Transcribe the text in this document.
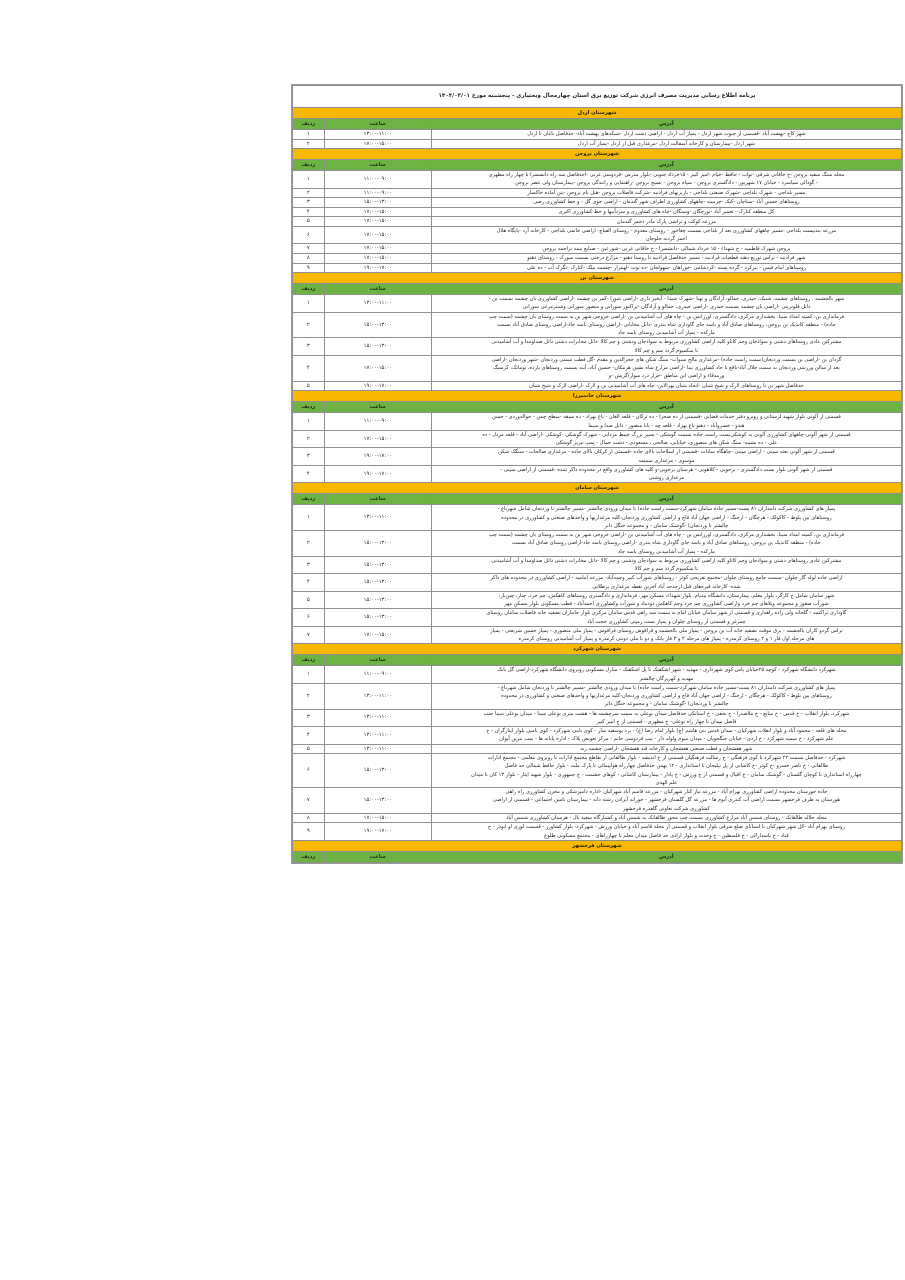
برنامه اطلاع رسانی مدیریت مصرف انرژی شرکت توزیع برق استان چهارمحال وبختیاری - پنجشنبه مورخ ۱۴۰۴/۰۳/۰۱		
شهرستان اردل		
آدرس	ساعت	ردیف

شهر کاج -بهشت آباد -قسمتی از جنوب شهر اردل - پمپاژ آب اردل - اراضی دشت اردل -شبکه‌های بهشت آباد- حدفاصل ناغان تا اردل	۱۳:۰۰-۱۱:۰۰	۱

شهر اردل -بیمارستان و کارخانه آسفالت اردل -مرغداری قبل از اردل -پمپاژ آب اردل	۱۷:۰۰-۱۵:۰۰	۲
شهرستان بروجن		
آدرس	ساعت	ردیف

محله سنگ سفید بروجن -خ خاقانی شرقی -نواب - حافظ -خیام -امیر کبیر - ۱۵خرداد جنوبی -بلوار مدرس -فردوسی غربی -احدفاصل سه راه دانشسرا تا چهار راه مطهری
- گودالی سیاسرد - خیابان ۱۷ شهریور - دادگستری بروجن - سپاه بروجن - بسیج بروجن -راهنمایی و رانندگی بروجن -بیمارستان ولی عصر بروجن	۱۱:۰۰-۰۹:۰۰	۱

مسیر بلداجی - شهرک بلداجی -شهرک صنعتی بلداجی - باربریهای فرادنبه -شرکت فاضلاب بروجن -هتل بام بروجن -بتن آماده خاکسار	۱۱:۰۰-۰۹:۰۰	۲

روستاهای حسین آباد -سناجان -کنک -چرمینه -چاههای کشاورزی اطراف شهر گندمان - اراضی جوی گل - و خط کشاورزی رضی	۱۵:۰۰-۱۳:۰۰	۳

کل منطقه کنارک - تعمیر آباد -نورچگان -وستگان -چاه های کشاورزی و سردآبیها و خط کشاورزی اکبری	۱۷:۰۰-۱۵:۰۰	۴

مزرعه کوکب و تراشی پارک مادر دخمر گندمان	۱۷:۰۰-۱۵:۰۰	۵

مزرعه بندبیست بلداجی -مسیر چاههای کشاورزی بعد از بلداجی بسمت چغاخور - روستای معدوم - روستای القباچ- اراضی خاتمی بلداجی - کارخانه آرد -پایگاه هلال
احمر گردنه خلوجان	۱۷:۰۰-۱۵:۰۰	۶

بروجن شهرک فاطمیه - خ شهداء - ۱۵ خرداد شمالی -دانشسرا - خ خاقانی غربی -شورعین - صنایع نیمه نراجمه بروجن	۱۷:۰۰-۱۵:۰۰	۷

شهر فرادنبه - تراس توزیع دهنه قطعیات فرادنبه - مسیر حدفاصل فرادنبه تا روستا دهنو - مزارع درختی بسمت سورک - روستای دهنو	۱۷:۰۰-۱۵:۰۰	۸

روستاهای امام قیس - بنزکرد - گرده بسته -کردشامی -خوراهان -سهولجان -ده نوت -لهمراز -چشمه ملک -کنارک -نگرک آب - ده علی	۱۹:۰۰-۱۷:۰۰	۹
شهرستان بن		
آدرس	ساعت	ردیف

شهر بالجشمه ، روستاهای چشمه، شنبک، حیدری، حمالو، آزادگان و بهنا -شهرک شیدا - آبخیز داری -اراضی شورا -کمر بن چشمه -اراضی کشاورزی بان چشمه بسمت بن -
داتل قلوترینی -اراضی بان چشمه بسمت حیدری -اراضی حیدری، حمالو و آزادگان -تراکتور سوزانی و منصور سورانی وشنترمرغی سورانی	۱۳:۰۰-۱۱:۰۰	۱

فرمانداری بن، کمیته امداد سینا، بخشداری مرکزی، دادگستری، اورژانس بن - چاه های آب آشامیدنی بن -اراضی خروجی شهر بن به سمت روستای بان چشمه (سمت چپ
جاده) - منطقه کاندیک بن بروجن، روستاهای صادق آباد و باسه جای گاوداری شاه بندری -داتل مخاباتی -اراضی روستای باسه جاد-اراضی روستای صادق آباد بسمت
مارکده - پمپاژ آب آشامیدنی روستای باسه جاد	۱۵:۰۰-۱۳:۰۰	۲

مشترکین عادی روستاهای دشتی و سوادجان وجم کاتاو کلیه اراضی کشاورزی مربوط به سوادجان ودشتی و چم کالا -داتل مخابرات دشتی داتل صداومدا و آب آشامیدنی
تا سکمیوم گردد سم و چم کالا	۱۵:۰۰-۱۳:۰۰	۳

گردان بن -اراضی بن بسمت وردنجان(سمت راست جاده) -مرغداری مالح سبواب- سنگ شکن های حجرالدین و مقدم -گل قطب سمتی وردنجان -شهر وردنجان -اراضی
بعد از سالن ورزشی وردنجان به سمت جلال آباد-ناقع تا حاد کشاورزی بینا -اراضی مزارع شاه نشین هرمکان- حسین آباد، آبنه بسمت روستاهای یازده، توماتک، کرسنگ
ورمدقاء و اراضی این مناطق -خزار درد سوار/گزیش -و	۱۷:۰۰-۱۵:۰۰	۴

حدفاصل شهر بن تا روستاهای لارک و شیخ شبان -اتحاد شبان بهرالاین- چاه های آب آشامیدنی بن و لارک -اراضی لارک و شیخ شبان	۱۹:۰۰-۱۷:۰۰	۵
شهرستان خانمیرزا		
آدرس	ساعت	ردیف

قسمتی از آلونی بلوار شهید لرستانی و روبرو دفتر خدمات قضایی -قسمتی از ده صحرا - ده ترکان - قلعه الغان - باغ بهزاد - ده سبقه -سطح چمن - حواله‌وردی - حسن
هندو - خسروآباد - دهنو باغ بهزاد - قلعه چه - بابا منصور - داتل صدا و سیما	۱۱:۰۰-۰۹:۰۰	۱

قسمتی از شهر آلونی-چاههای کشاورزی آلونی به کوشکی‌بست راست جاده بسمت گوشکی - بسیر بزرگ خیبط مردابی - شهرک گوشکی -کوشکی -اراضی آباد - قلعه مزدل - ده
علی - ده بشینه- سنگ شکن های منصوری، خیابانی، صالحی ، مسعودی - دشت خمال - پمپ تبریز گوشکی	۱۷:۰۰-۱۵:۰۰	۲

قسمتی از شهر آلونی بعثه سینی - اراضی سینی -چاهگاه سادات -قسمتی از اسلاحات بالای جاده -قسمتی از کرکان بالای جاده - مرغداری صالحات - سنگک شکن
موسوی - مرغداری سمیمه	۱۹:۰۰-۱۷:۰۰	۳

قسمتی از شهر آلونی بلوار بست دادگستری - برجویی - کلاهویی - هرستان برجویی-و کلیه های کشاورزی واقع در محدوده داکر شده -قسمتی از اراضی سینی -
مرغداری روشنی	۱۹:۰۰-۱۷:۰۰	۴
شهرستان سامان		
آدرس	ساعت	ردیف

پمپاژ های کشاورزی شرکت دامداران ۸۱ پست-مسیر جاده سامان شهرکرد-سمت راست جاده) تا میدان ورودی چالشتر -مسیر چالشتر تا وردنجان شامل شهرباغ -
روستاهای بین بلوط - کاکولک - هرچگان - ارجنگ - اراضی جهان آباد قاچ و اراضی کشاورزی وردنجان-کلیه مرغداریها و واحدهای صنعتی و کشاورزی در محدوده
چالشتر تا وردنجان) -گوشنک سامان - و مجموعه خنگل داتر	۱۳:۰۰-۱۱:۰۰	۱

فرمانداری بن، کمیته امداد سینا، بخشداری مرکزی، دادگستری، اورژانس بن - چاه های آب آشامیدنی بن -اراضی خروجی شهر بن به سمت روستای بان چشمه (سمت چپ
جاده) - منطقه کاندیک بن بروجن، روستاهای صادق آباد و باسه جای گاوداری شاه بندری -اراضی روستای باسه جاد-اراضی روستای صادق آباد بسمت
مارکده - پمپاژ آب آشامیدنی روستای باسه جاد	۱۵:۰۰-۱۳:۰۰	۲

مشترکین عادی روستاهای دشتی و سوادجان وجم کاتاو کلیه اراضی کشاورزی مربوط به سوادجان ودشتی و چم کالا -داتل مخابرات دشتی داتل صداومدا و آب آشامیدنی
تا سکمیوم گردد سم و چم کالا	۱۵:۰۰-۱۳:۰۰	۳

اراضی جاده لوله گاز چلوان -سمنت جامع روستای چلوان -مجتمع تفریحی کوثر - روستاهای شورآب کبیر وچمه‌آباد- مزرعه امامیه - اراضی کشاورزی در محدوده های داکر
شده- کارخانه قیره‌های قتل ازحدجه آباد آخرین نقطه مرغداری برطلایی	۱۵:۰۰-۱۳:۰۰	۴

شهر سامان شامل ج کارگر، بلوار معلم، بیمارستان، دانشگاه بیدیام، بلوار شهداء، مسکن مهر، فرمانداری و دادگستری روستاهای کاهکش، چم خرد، چنار، چین‌باز،
شورآب صفور و مجموعه ویلاهای چم خرد واراضی کشاورزی چم خرد وچم کاهکش دودماد و شورآب وکشاورزی احمدآباد - قطب مسکونی بلوار مسکن مهر	۱۵:۰۰-۱۳:۰۰	۵

گاوداری تراکتمه - گلخانه ولی زاده راهداری و قسمتی از شهر سامان خیابان امام به سمت سه راهی قدس سامان مرکزی بلوار جانباران تصفیه خانه فاضلاب سامان روستای
چمرغز و قسمتی از روستای چلوان و پمپاژ بست زمینی کشاورزی حجت آباد	۱۵:۰۰-۱۳:۰۰	۶

تراس گردو کاران بالجشمه - برق موقت تصفیه خانه آب بن بروجن - پمپاژ ملی بالجشمه و قراقوش روستای قرافوش - پمپاژ ملی منصوری - پمپاژ حسین شریعتی - پمپاژ
های مرحله اول فاز ۱ و ۲ روستای کرمدره - پمپاژ های مرحله ۲ و ۳ فاز بانک و دو تا ملی دونتی کرمدره و پمپاژ آب آشامیدنی روستای کرمدره	۱۷:۰۰-۱۵:۰۰	۷
شهرستان شهرکرد		
آدرس	ساعت	ردیف

شهرکرد دانشگاه شهرکرد - کوچه ۲۵خیابان پاس کوی شهرداری - مهدیه - شهر اشکفتک تا پل اشکفتک - منازل مسکونی روبروی دانشگاه شهرکرد-اراضی گل بانک
مهدیه و کهریزگان چالشتر	۱۱:۰۰-۰۹:۰۰	۱

پمپاژ های کشاورزی شرکت دامداران ۸۱ پست-مسیر جاده سامان شهرکرد-سمت راست جاده) تا میدان ورودی چالشتر -مسیر چالشتر تا وردنجان شامل شهرباغ -
روستاهای بین بلوط - کاکولک - هرچگان - ارجنگ - اراضی جهان آباد قاچ و اراضی کشاورزی وردنجان-کلیه مرغداریها و واحدهای صنعتی و کشاورزی در محدوده
چالشتر تا وردنجان) -گوشنک سامان - و مجموعه خنگل داتر	۱۳:۰۰-۱۱:۰۰	۲

شهرکرد، بلوار انقلاب - خ قدس - خ منابع - خ ملاصدرا - خ نجفی - خ استانکی حدفاصل میدان بوعلی به سمت سرچشمه ها - هشت متری بوعلی سینا - میدان بوعلی سینا جنب
فاصل میدان تا چهار راه بوعلی- خ مطهری - قسمتی از خ امیر کبیر	۱۳:۰۰-۱۱:۰۰	۳

محله های قلعه - محمود آباد و بلوار انقلاب شهرکیان - میدان قدس بنی هاشم (چ) بلوار امام رضا (ع) - برد یوسفیه ساز - کوی بابنی شهرکرد - کوی بامبی بلوار ایثارگران - خ
علم شهرکرد - خ سمیه شهرکرد - خ اردی - خیابان جنگجویان - میدان سوم ولوله داز - تیپ فردوسی خاتم - مرکز تعویض پلاک - اداره پایانه ها - بمب بنزین آبوان	۱۳:۰۰-۱۱:۰۰	۴

شهر هفشجان و قطب صنعتی هفشجان و کارخانه قند هفشجان -اراضی چشمه زنه	۱۳:۰۰-۱۱:۰۰	۵

شهرکرد - حدفاصل بسمت ۲۲ شهرکرد تا کوی فرهنگی - خ رسالت فرهنگیان قسمتی از خ اندیشه - بلوار طالقانی از تقاطع مجتمع ادارات تا روبروی معلمی - مجتمع ادارات
طالقانی - خ ناصر خسرو -خ کوثر -خ کاشانی از پل تپلیحان تا استانداری - ۱۲ بهمن حدفاصل چهارراه هواپیمائی تا پارک ملت - بلوار حافظ شمالی حد فاصل
چهارراه استانداری تا کوچان گلستان - گوشنک سامان - خ اقبال و قسمتی از خ ورزش - خ پادار - بیمارستان کاشانی - کوهای حشمت - خ جمهوری - بلوار شهید ایثار - بلوار ۱۳ کان تا میدان
علم الهدی	۱۵:۰۰-۱۳:۰۰	۶

جاده خوزستان محدوده اراضی کشاورزی بهرام آباد - مزرعه نیاز کنار شهرکیان - مزرعه قاسم آباد شهرکیان -اداره دامپزشکی و مخزن کشاورزی راه راهی
هوزستان به طرف فرخشهر بسمت اراضی آب کندری آبوم ها - مزرعه گل گلستان فرخشهر - خورانه آبزادن رشته دانه - بیمارستان تامین اجتماعی - قسمتی از اراضی
کشاورزی شرکت تعاونی گلفدره فرخشهر	۱۵:۰۰-۱۳:۰۰	۷

محله جلاله طالقانک - روستای شمس آباد مزارع کشاورزی بسمت چپ محور طالقانک به شمس آباد و کشتارگاه سعید بال - هرستان کشاورزی شمس آباد	۱۷:۰۰-۱۵:۰۰	۸

روستای بهرام آباد -کل شهر شهرکیان تا استانای ضلع شرقی بلوار انقلاب و قسمتی از محله قاسم آباد و خیابان ورزش - شهرکرد- بلوار کشاورز - قسمت لوزی او ابوذر - خ
قباد - خ باسدارالی - خ قلسطین - خ وحدت و بلوار ازادی حد فاصل میدان معلم تا چهارراهای - مجتمع مسکونی طلوع	۱۹:۰۰-۱۷:۰۰	۹
شهرستان فرخشهر		
آدرس	ساعت	ردیف
